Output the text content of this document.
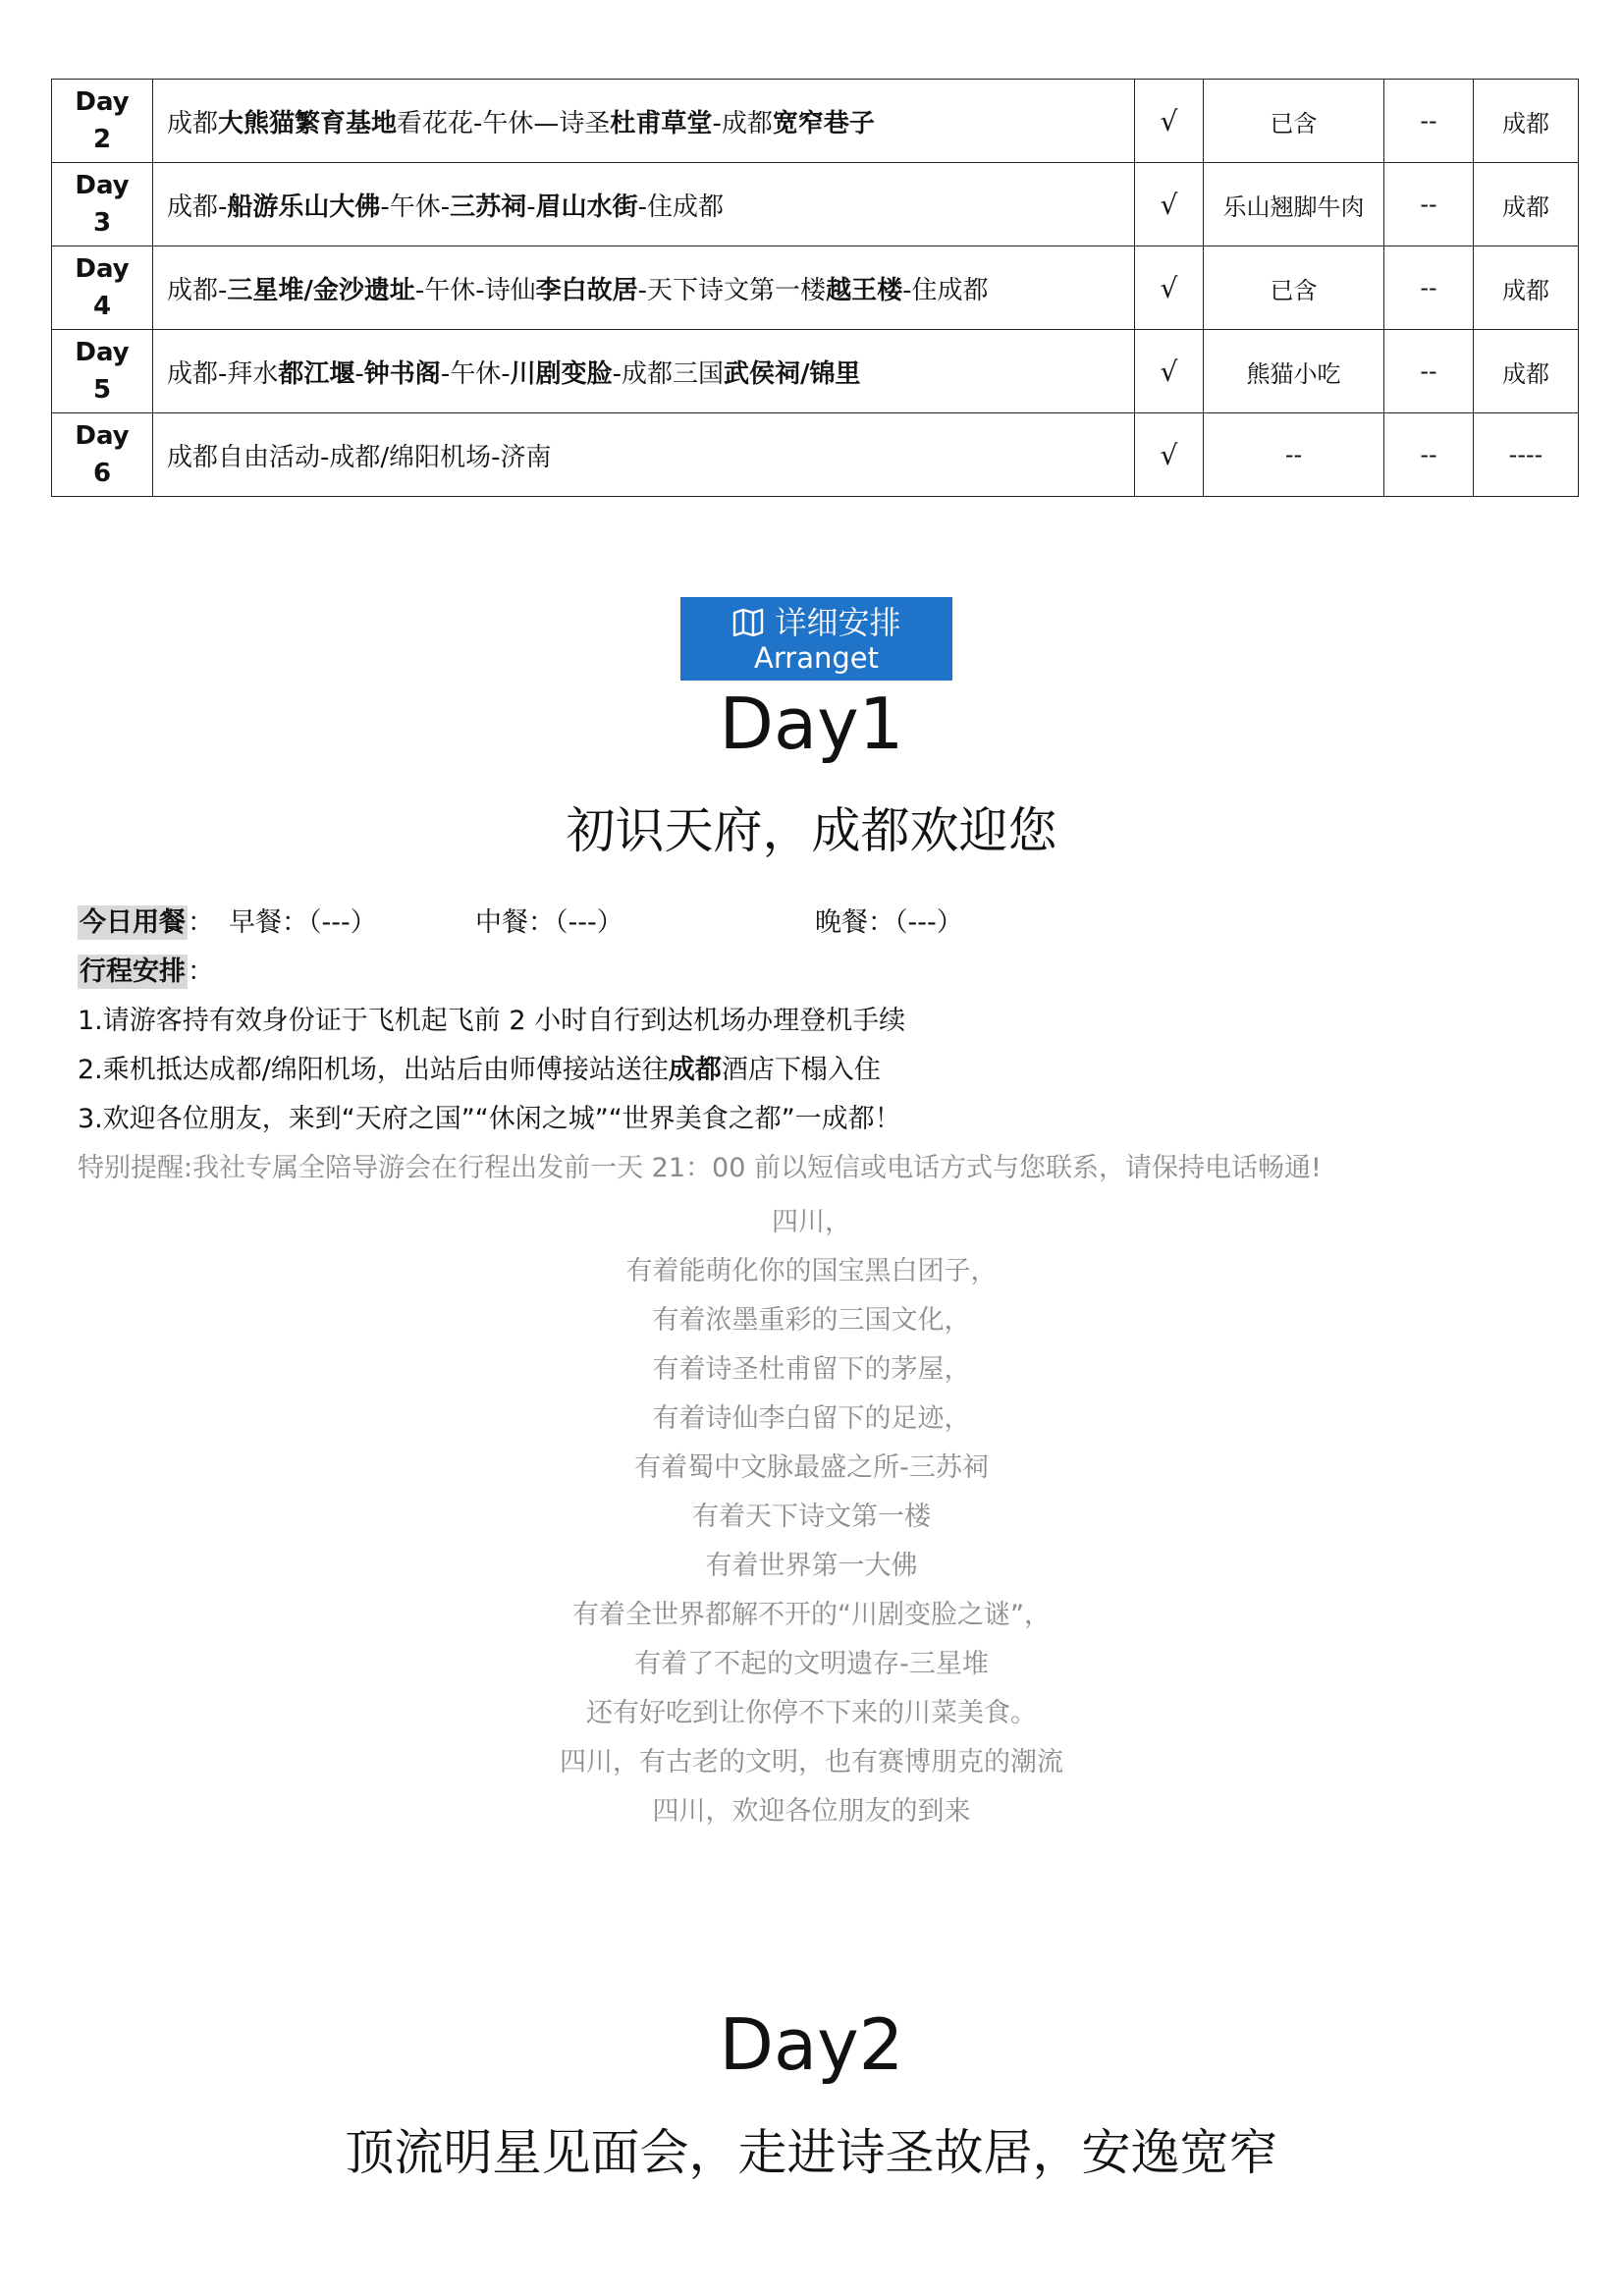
Day
2	成都大熊猫繁育基地看花花-午休—诗圣杜甫草堂-成都宽窄巷子	√	已含	--	成都

Day
3	成都-船游乐山大佛-午休-三苏祠-眉山水街-住成都	√	乐山翘脚牛肉	--	成都

Day
4	成都-三星堆/金沙遗址-午休-诗仙李白故居-天下诗文第一楼越王楼-住成都	√	已含	--	成都

Day
5	成都-拜水都江堰-钟书阁-午休-川剧变脸-成都三国武侯祠/锦里	√	熊猫小吃	--	成都

Day
6	成都自由活动-成都/绵阳机场-济南	√	--	--	----
详细安排
Arranget
Day1
初识天府，成都欢迎您
今日用餐： 早餐：（---）	中餐：（---）	晚餐：（---）
行程安排：
1.请游客持有效身份证于飞机起飞前 2 小时自行到达机场办理登机手续
2.乘机抵达成都/绵阳机场，出站后由师傅接站送往成都酒店下榻入住
3.欢迎各位朋友，来到“天府之国”“休闲之城”“世界美食之都”一成都！
特别提醒:我社专属全陪导游会在行程出发前一天 21：00 前以短信或电话方式与您联系，请保持电话畅通!
四川，
有着能萌化你的国宝黑白团子，
有着浓墨重彩的三国文化，
有着诗圣杜甫留下的茅屋，
有着诗仙李白留下的足迹，
有着蜀中文脉最盛之所-三苏祠
有着天下诗文第一楼
有着世界第一大佛
有着全世界都解不开的“川剧变脸之谜”，
有着了不起的文明遗存-三星堆
还有好吃到让你停不下来的川菜美食。
四川，有古老的文明，也有赛博朋克的潮流
四川，欢迎各位朋友的到来
Day2
顶流明星见面会，走进诗圣故居，安逸宽窄
